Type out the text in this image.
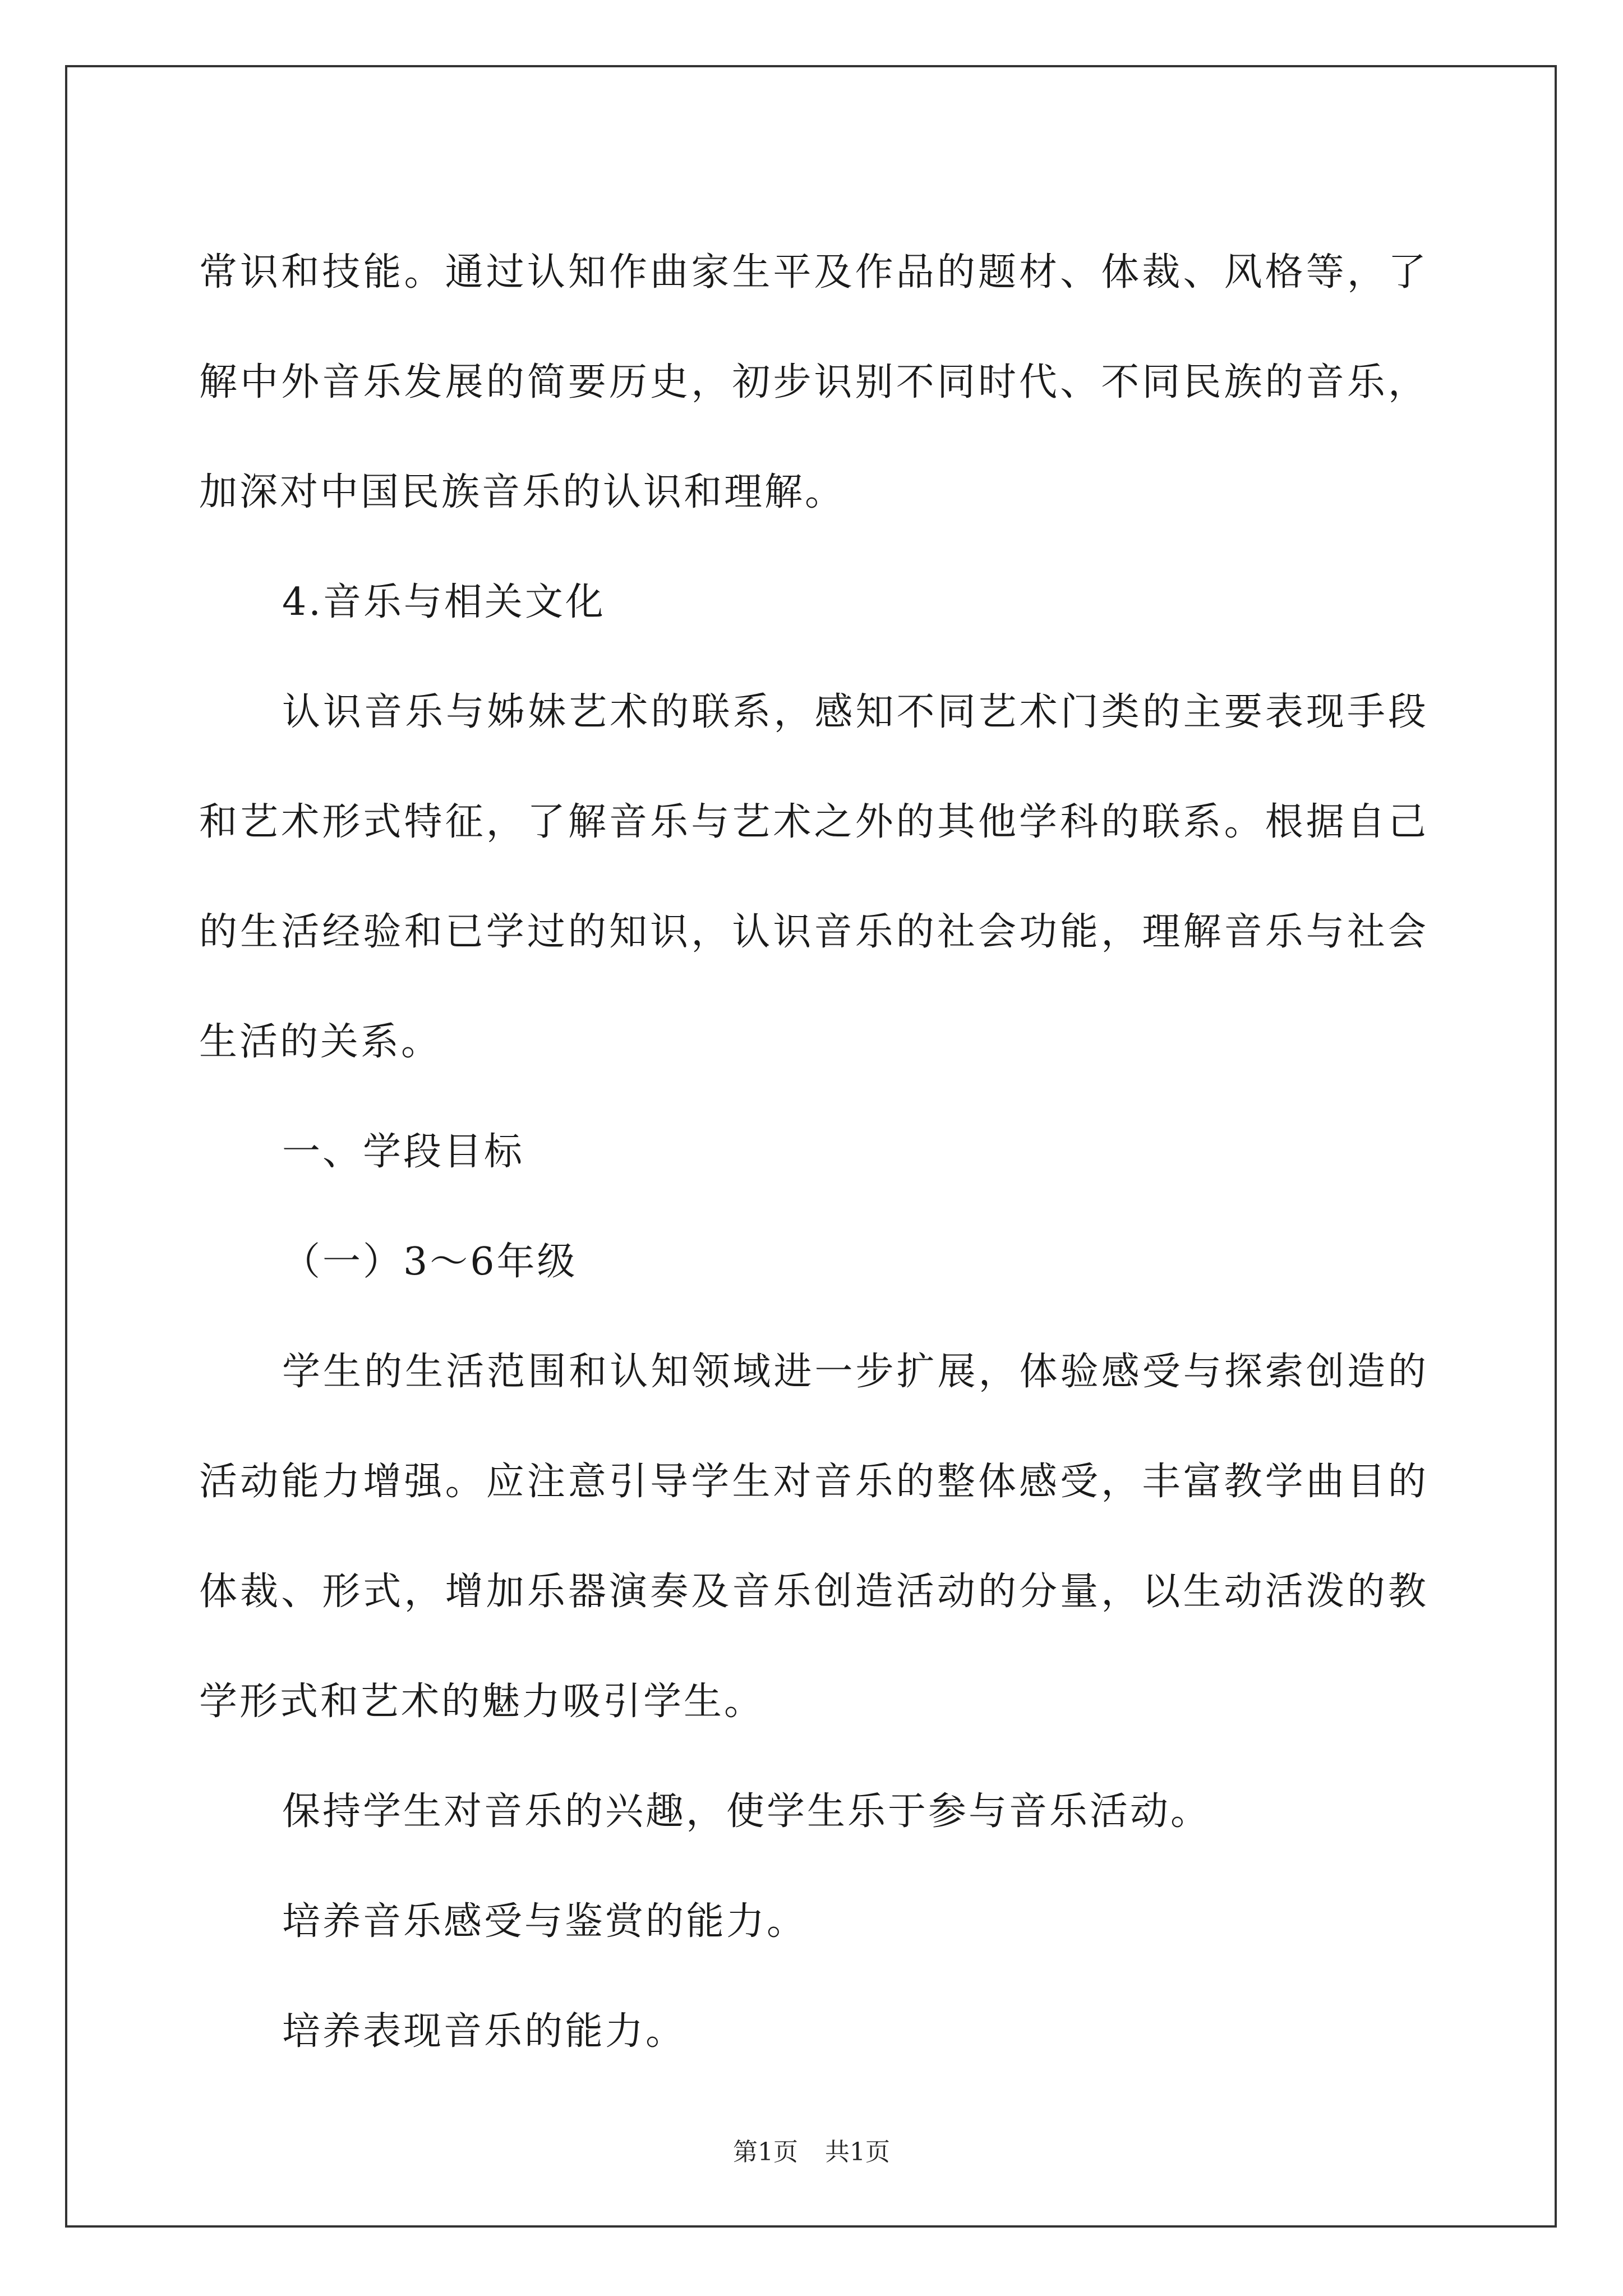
常识和技能。通过认知作曲家生平及作品的题材、体裁、风格等，了解中外音乐发展的简要历史，初步识别不同时代、不同民族的音乐，加深对中国民族音乐的认识和理解。

4.音乐与相关文化

认识音乐与姊妹艺术的联系，感知不同艺术门类的主要表现手段和艺术形式特征，了解音乐与艺术之外的其他学科的联系。根据自己的生活经验和已学过的知识，认识音乐的社会功能，理解音乐与社会生活的关系。

一、学段目标

（一）3～6年级

学生的生活范围和认知领域进一步扩展，体验感受与探索创造的活动能力增强。应注意引导学生对音乐的整体感受，丰富教学曲目的体裁、形式，增加乐器演奏及音乐创造活动的分量，以生动活泼的教学形式和艺术的魅力吸引学生。

保持学生对音乐的兴趣，使学生乐于参与音乐活动。

培养音乐感受与鉴赏的能力。

培养表现音乐的能力。

第1页 共1页
